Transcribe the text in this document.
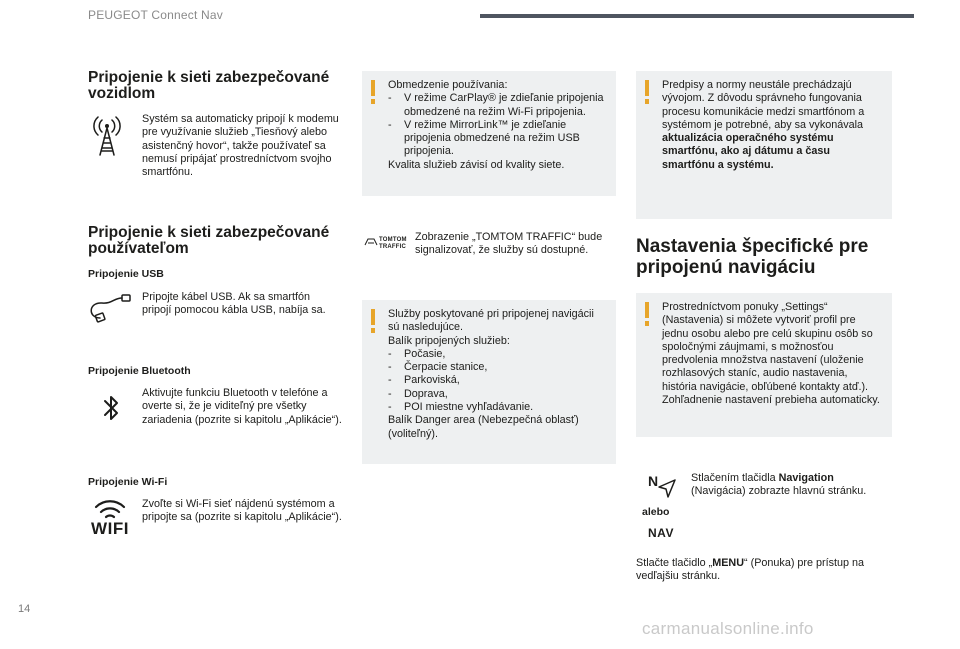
PEUGEOT Connect Nav
Pripojenie k sieti zabezpečované vozidlom
Systém sa automaticky pripojí k modemu pre využívanie služieb „Tiesňový alebo asistenčný hovor“, takže používateľ sa nemusí pripájať prostredníctvom svojho smartfónu.
Pripojenie k sieti zabezpečované používateľom
Pripojenie USB
Pripojte kábel USB. Ak sa smartfón pripojí pomocou kábla USB, nabíja sa.
Pripojenie Bluetooth
Aktivujte funkciu Bluetooth v telefóne a overte si, že je viditeľný pre všetky zariadenia (pozrite si kapitolu „Aplikácie“).
Pripojenie Wi-Fi
WIFI
Zvoľte si Wi-Fi sieť nájdenú systémom a pripojte sa (pozrite si kapitolu „Aplikácie“).
Obmedzenie používania:
- V režime CarPlay® je zdieľanie pripojenia obmedzené na režim Wi-Fi pripojenia.
- V režime MirrorLink™ je zdieľanie pripojenia obmedzené na režim USB pripojenia.
Kvalita služieb závisí od kvality siete.
TOMTOM
TRAFFIC
Zobrazenie „TOMTOM TRAFFIC“ bude signalizovať, že služby sú dostupné.
Služby poskytované pri pripojenej navigácii sú nasledujúce.
Balík pripojených služieb:
- Počasie,
- Čerpacie stanice,
- Parkoviská,
- Doprava,
- POI miestne vyhľadávanie.
Balík Danger area (Nebezpečná oblasť) (voliteľný).
Predpisy a normy neustále prechádzajú vývojom. Z dôvodu správneho fungovania procesu komunikácie medzi smartfónom a systémom je potrebné, aby sa vykonávala aktualizácia operačného systému smartfónu, ako aj dátumu a času smartfónu a systému.
Nastavenia špecifické pre pripojenú navigáciu
Prostredníctvom ponuky „Settings“ (Nastavenia) si môžete vytvoriť profil pre jednu osobu alebo pre celú skupinu osôb so spoločnými záujmami, s možnosťou predvolenia množstva nastavení (uloženie rozhlasových staníc, audio nastavenia, história navigácie, obľúbené kontakty atď.). Zohľadnenie nastavení prebieha automaticky.
N
alebo
NAV
Stlačením tlačidla Navigation (Navigácia) zobrazte hlavnú stránku.
Stlačte tlačidlo „MENU“ (Ponuka) pre prístup na vedľajšiu stránku.
14
carmanualsonline.info
